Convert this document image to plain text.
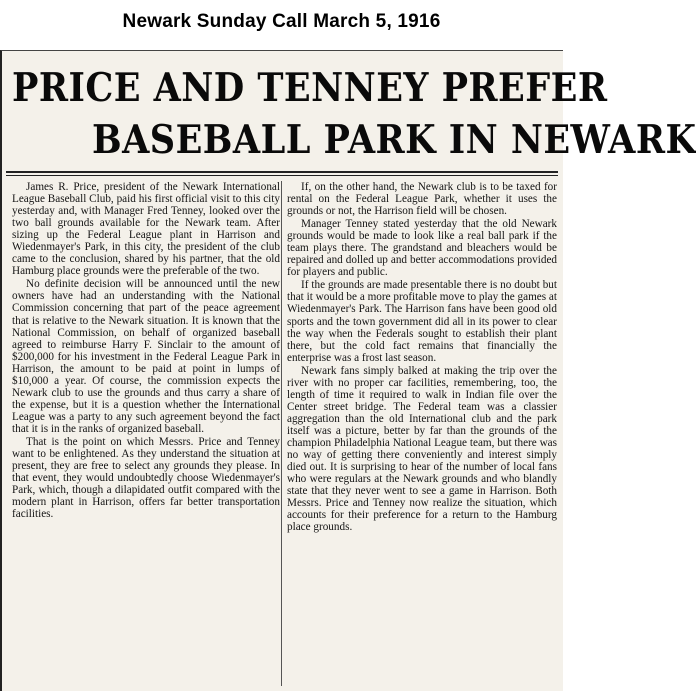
Newark Sunday Call March 5, 1916
PRICE AND TENNEY PREFER
BASEBALL PARK IN NEWARK

James R. Price, president of the Newark International League Baseball Club, paid his first official visit to this city yesterday and, with Manager Fred Tenney, looked over the two ball grounds available for the Newark team. After sizing up the Federal League plant in Harrison and Wiedenmayer's Park, in this city, the president of the club came to the conclusion, shared by his partner, that the old Hamburg place grounds were the preferable of the two.

No definite decision will be announced until the new owners have had an understanding with the National Commission concerning that part of the peace agreement that is relative to the Newark situation. It is known that the National Commission, on behalf of organized baseball agreed to reimburse Harry F. Sinclair to the amount of $200,000 for his investment in the Federal League Park in Harrison, the amount to be paid at point in lumps of $10,000 a year. Of course, the commission expects the Newark club to use the grounds and thus carry a share of the expense, but it is a question whether the International League was a party to any such agreement beyond the fact that it is in the ranks of organized baseball.

That is the point on which Messrs. Price and Tenney want to be enlightened. As they understand the situation at present, they are free to select any grounds they please. In that event, they would undoubtedly choose Wiedenmayer's Park, which, though a dilapidated outfit compared with the modern plant in Harrison, offers far better transportation facilities.

If, on the other hand, the Newark club is to be taxed for rental on the Federal League Park, whether it uses the grounds or not, the Harrison field will be chosen.

Manager Tenney stated yesterday that the old Newark grounds would be made to look like a real ball park if the team plays there. The grandstand and bleachers would be repaired and dolled up and better accommodations provided for players and public.

If the grounds are made presentable there is no doubt but that it would be a more profitable move to play the games at Wiedenmayer's Park. The Harrison fans have been good old sports and the town government did all in its power to clear the way when the Federals sought to establish their plant there, but the cold fact remains that financially the enterprise was a frost last season.

Newark fans simply balked at making the trip over the river with no proper car facilities, remembering, too, the length of time it required to walk in Indian file over the Center street bridge. The Federal team was a classier aggregation than the old International club and the park itself was a picture, better by far than the grounds of the champion Philadelphia National League team, but there was no way of getting there conveniently and interest simply died out. It is surprising to hear of the number of local fans who were regulars at the Newark grounds and who blandly state that they never went to see a game in Harrison. Both Messrs. Price and Tenney now realize the situation, which accounts for their preference for a return to the Hamburg place grounds.
